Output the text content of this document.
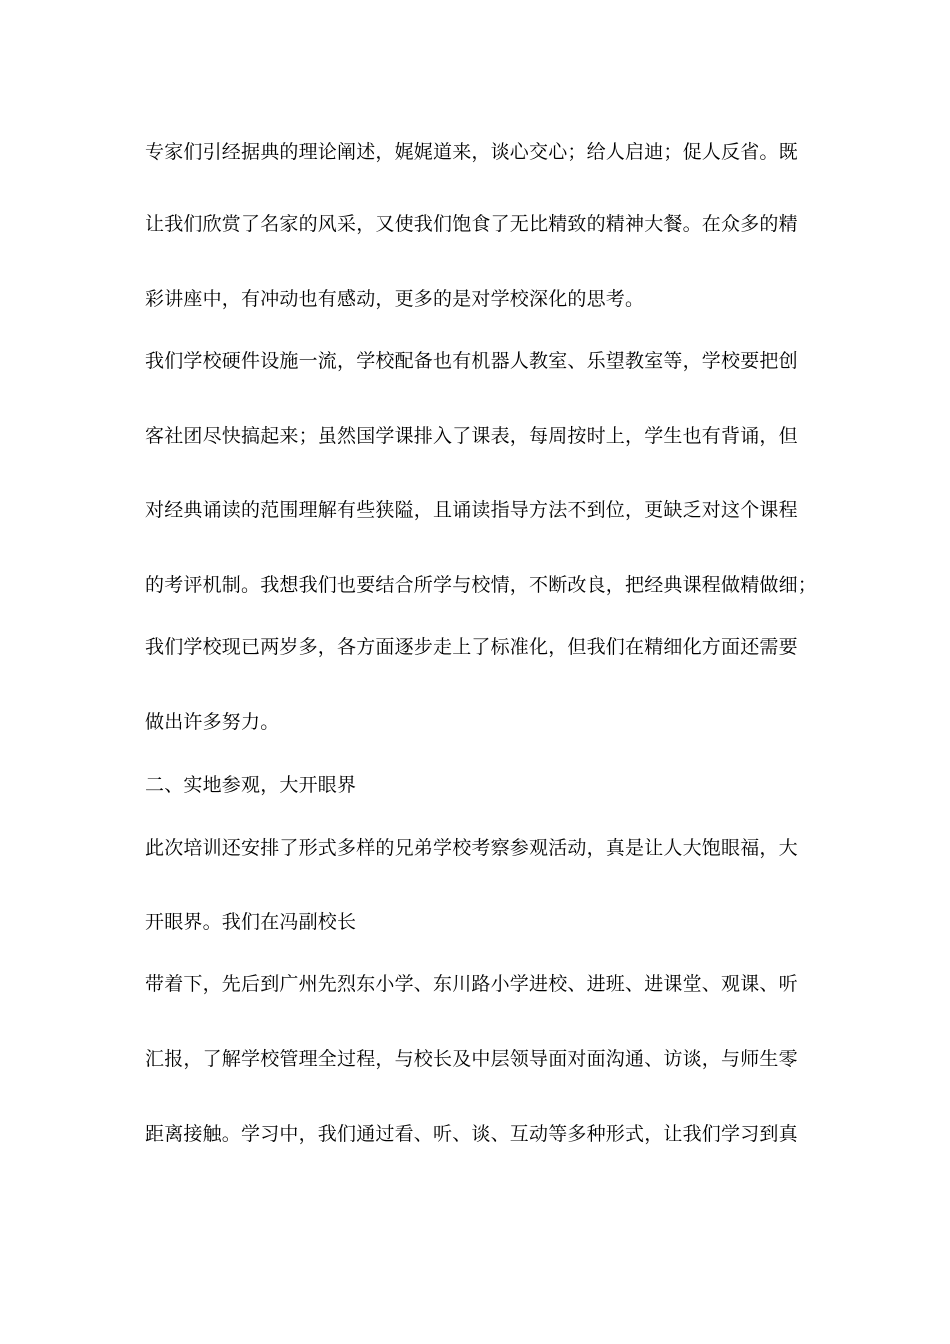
专家们引经据典的理论阐述，娓娓道来，谈心交心；给人启迪；促人反省。既
让我们欣赏了名家的风采，又使我们饱食了无比精致的精神大餐。在众多的精
彩讲座中，有冲动也有感动，更多的是对学校深化的思考。
我们学校硬件设施一流，学校配备也有机器人教室、乐望教室等，学校要把创
客社团尽快搞起来；虽然国学课排入了课表，每周按时上，学生也有背诵，但
对经典诵读的范围理解有些狭隘，且诵读指导方法不到位，更缺乏对这个课程
的考评机制。我想我们也要结合所学与校情，不断改良，把经典课程做精做细；
我们学校现已两岁多，各方面逐步走上了标准化，但我们在精细化方面还需要
做出许多努力。
二、实地参观，大开眼界
此次培训还安排了形式多样的兄弟学校考察参观活动，真是让人大饱眼福，大
开眼界。我们在冯副校长
带着下，先后到广州先烈东小学、东川路小学进校、进班、进课堂、观课、听
汇报，了解学校管理全过程，与校长及中层领导面对面沟通、访谈，与师生零
距离接触。学习中，我们通过看、听、谈、互动等多种形式，让我们学习到真
